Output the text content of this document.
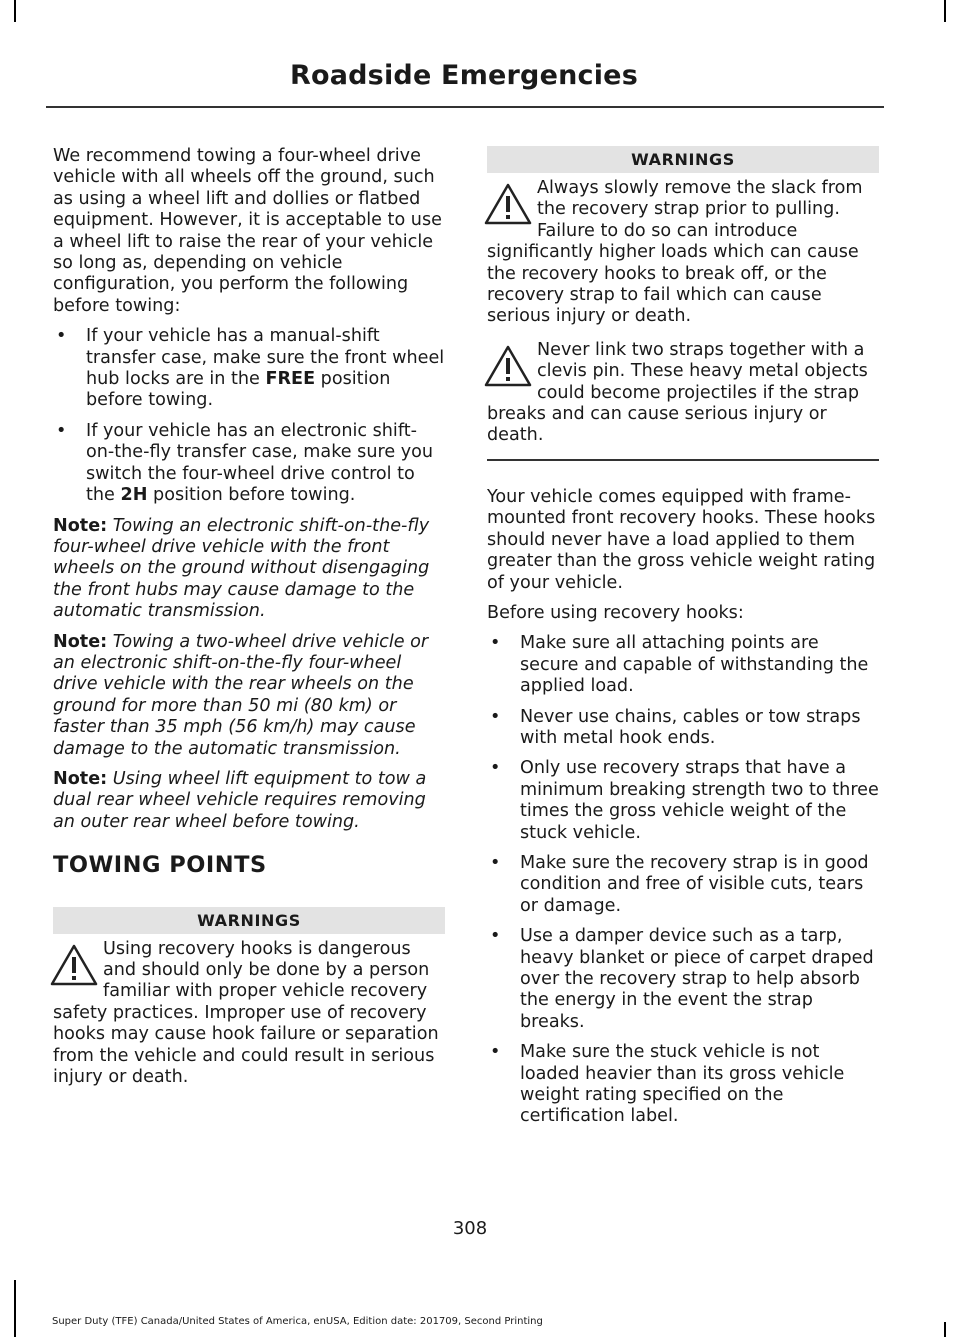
Roadside Emergencies

We recommend towing a four-wheel drive vehicle with all wheels off the ground, such as using a wheel lift and dollies or flatbed equipment. However, it is acceptable to use a wheel lift to raise the rear of your vehicle so long as, depending on vehicle configuration, you perform the following before towing:

• If your vehicle has a manual-shift transfer case, make sure the front wheel hub locks are in the FREE position before towing.
• If your vehicle has an electronic shift-on-the-fly transfer case, make sure you switch the four-wheel drive control to the 2H position before towing.

Note: Towing an electronic shift-on-the-fly four-wheel drive vehicle with the front wheels on the ground without disengaging the front hubs may cause damage to the automatic transmission.

Note: Towing a two-wheel drive vehicle or an electronic shift-on-the-fly four-wheel drive vehicle with the rear wheels on the ground for more than 50 mi (80 km) or faster than 35 mph (56 km/h) may cause damage to the automatic transmission.

Note: Using wheel lift equipment to tow a dual rear wheel vehicle requires removing an outer rear wheel before towing.

TOWING POINTS
WARNINGS
Using recovery hooks is dangerous and should only be done by a person familiar with proper vehicle recovery safety practices. Improper use of recovery hooks may cause hook failure or separation from the vehicle and could result in serious injury or death.
WARNINGS
Always slowly remove the slack from the recovery strap prior to pulling. Failure to do so can introduce significantly higher loads which can cause the recovery hooks to break off, or the recovery strap to fail which can cause serious injury or death.
Never link two straps together with a clevis pin. These heavy metal objects could become projectiles if the strap breaks and can cause serious injury or death.

Your vehicle comes equipped with frame-mounted front recovery hooks. These hooks should never have a load applied to them greater than the gross vehicle weight rating of your vehicle.

Before using recovery hooks:

• Make sure all attaching points are secure and capable of withstanding the applied load.
• Never use chains, cables or tow straps with metal hook ends.
• Only use recovery straps that have a minimum breaking strength two to three times the gross vehicle weight of the stuck vehicle.
• Make sure the recovery strap is in good condition and free of visible cuts, tears or damage.
• Use a damper device such as a tarp, heavy blanket or piece of carpet draped over the recovery strap to help absorb the energy in the event the strap breaks.
• Make sure the stuck vehicle is not loaded heavier than its gross vehicle weight rating specified on the certification label.
308
Super Duty (TFE) Canada/United States of America, enUSA, Edition date: 201709, Second Printing
